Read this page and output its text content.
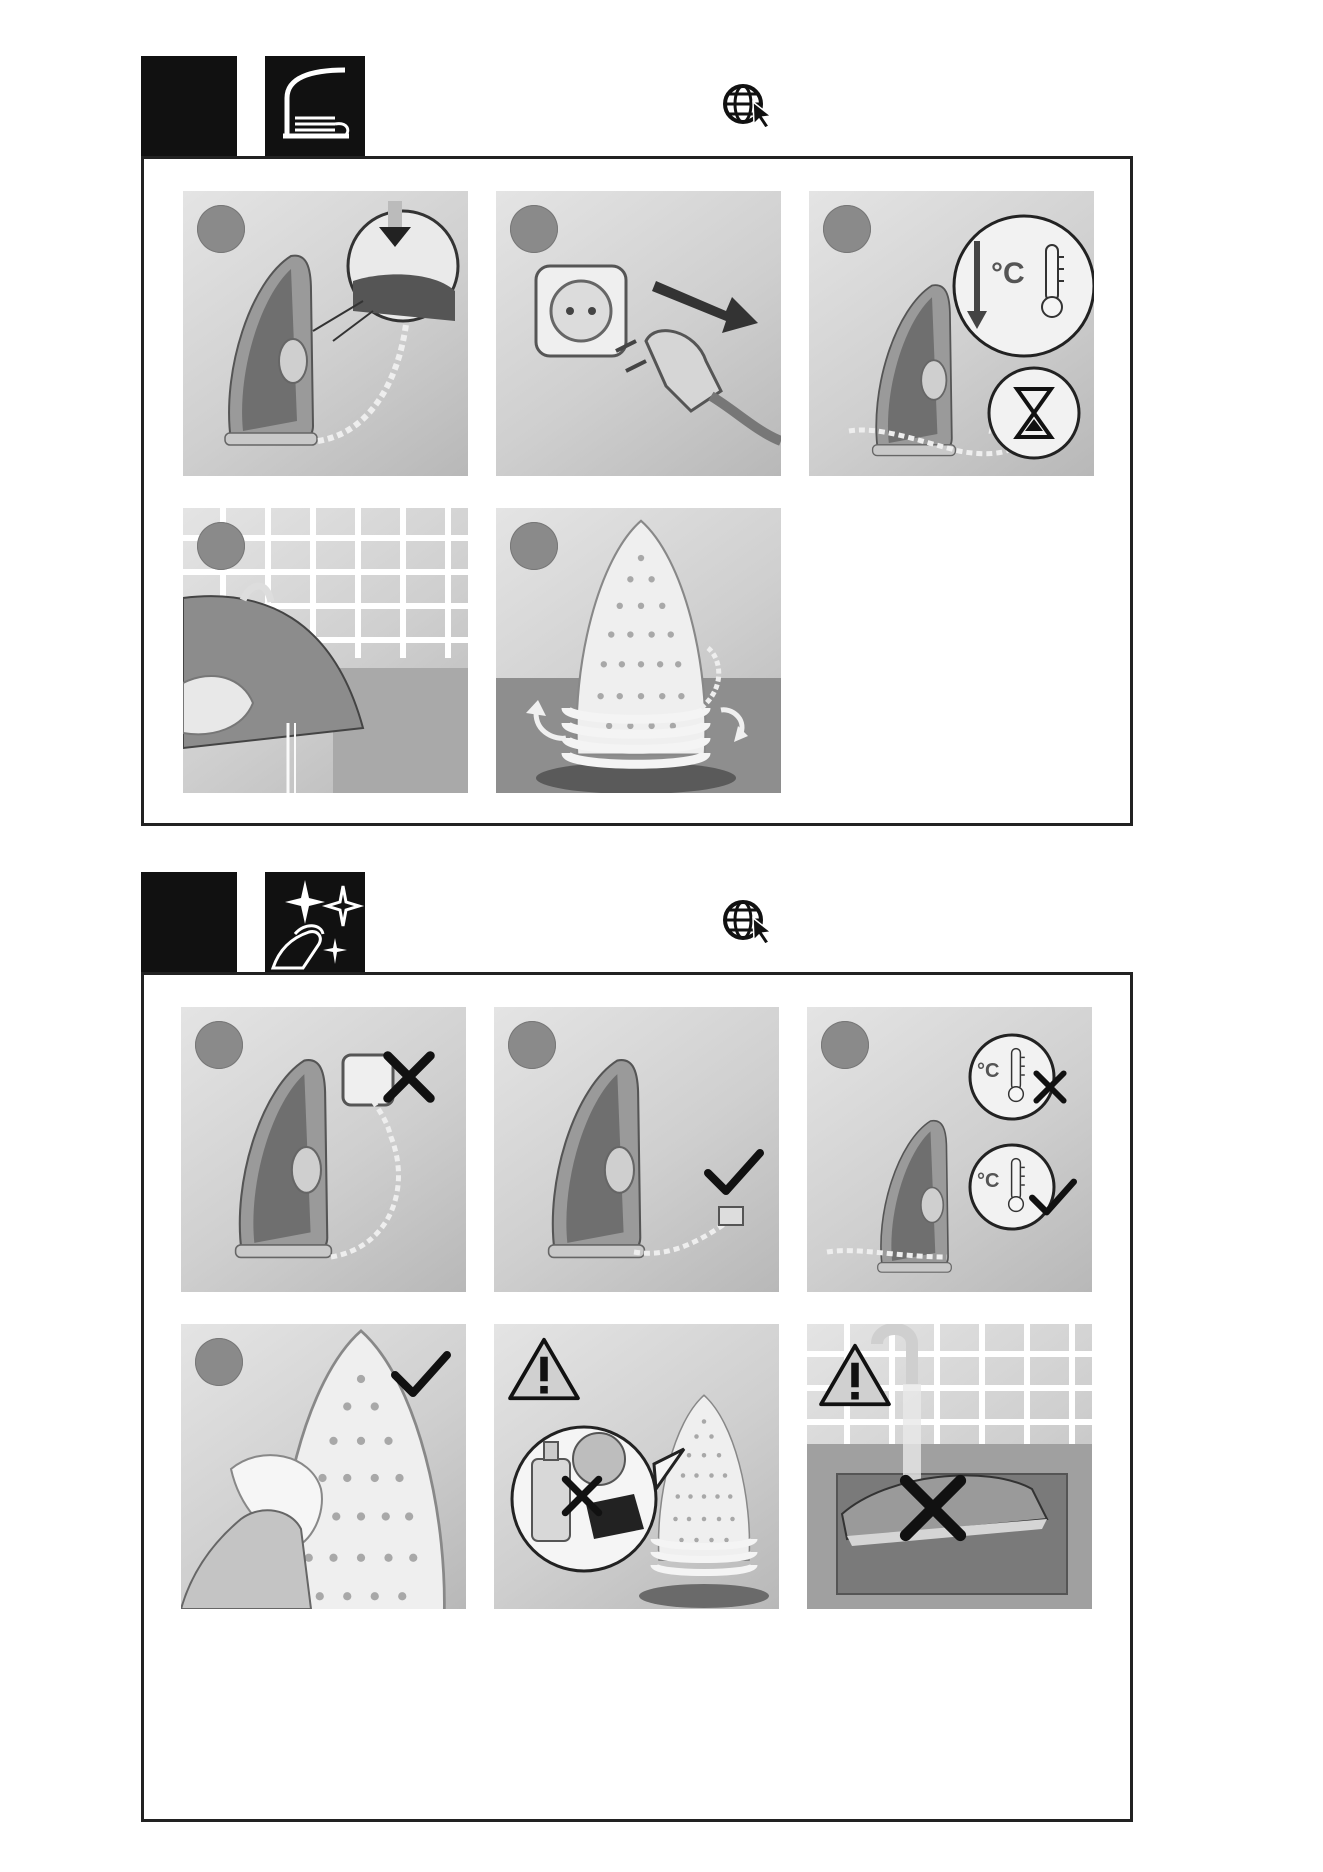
°C
°C
°C
